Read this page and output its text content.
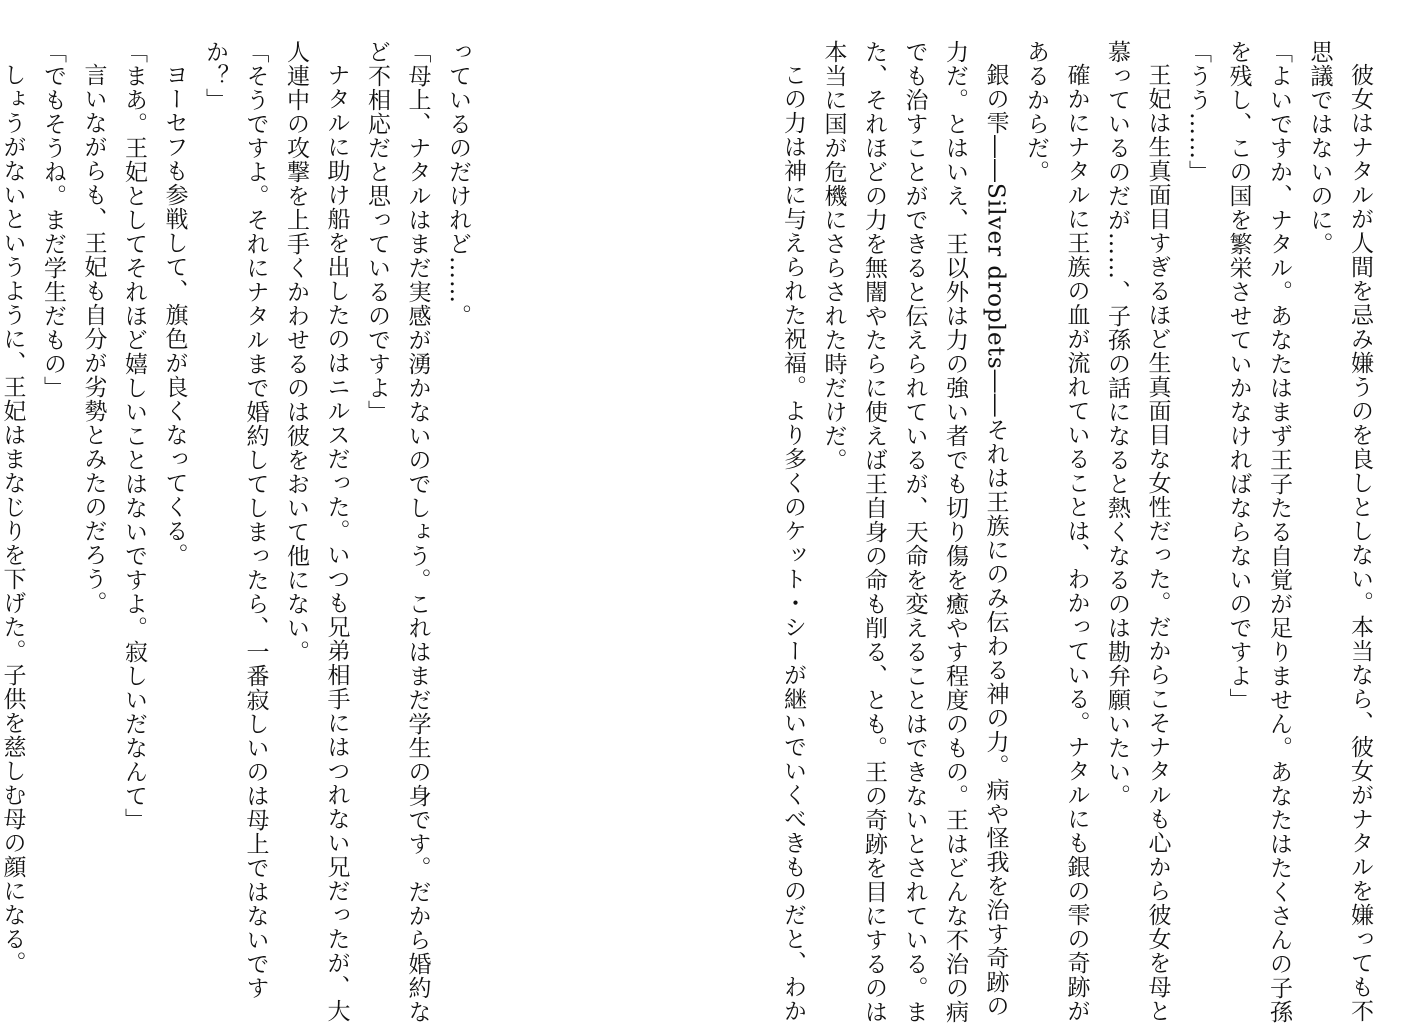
彼女はナタルが人間を忌み嫌うのを良しとしない。本当なら、彼女がナタルを嫌っても不

思議ではないのに。

「よいですか、ナタル。あなたはまず王子たる自覚が足りません。あなたはたくさんの子孫

を残し、この国を繁栄させていかなければならないのですよ」

「うう……」

王妃は生真面目すぎるほど生真面目な女性だった。だからこそナタルも心から彼女を母と

慕っているのだが……、子孫の話になると熱くなるのは勘弁願いたい。

確かにナタルに王族の血が流れていることは、わかっている。ナタルにも銀の雫の奇跡が

あるからだ。

銀の雫――Silver droplets――それは王族にのみ伝わる神の力。病や怪我を治す奇跡の

力だ。とはいえ、王以外は力の強い者でも切り傷を癒やす程度のもの。王はどんな不治の病

でも治すことができると伝えられているが、天命を変えることはできないとされている。ま

た、それほどの力を無闇やたらに使えば王自身の命も削る、とも。王の奇跡を目にするのは

本当に国が危機にさらされた時だけだ。

この力は神に与えられた祝福。より多くのケット・シーが継いでいくべきものだと、わか

っているのだけれど……。

「母上、ナタルはまだ実感が湧かないのでしょう。これはまだ学生の身です。だから婚約な

ど不相応だと思っているのですよ」

ナタルに助け船を出したのはニルスだった。いつも兄弟相手にはつれない兄だったが、大

人連中の攻撃を上手くかわせるのは彼をおいて他にない。

「そうですよ。それにナタルまで婚約してしまったら、一番寂しいのは母上ではないです

か？」

ヨーセフも参戦して、旗色が良くなってくる。

「まあ。王妃としてそれほど嬉しいことはないですよ。寂しいだなんて」

言いながらも、王妃も自分が劣勢とみたのだろう。

「でもそうね。まだ学生だもの」

しょうがないというように、王妃はまなじりを下げた。子供を慈しむ母の顔になる。
